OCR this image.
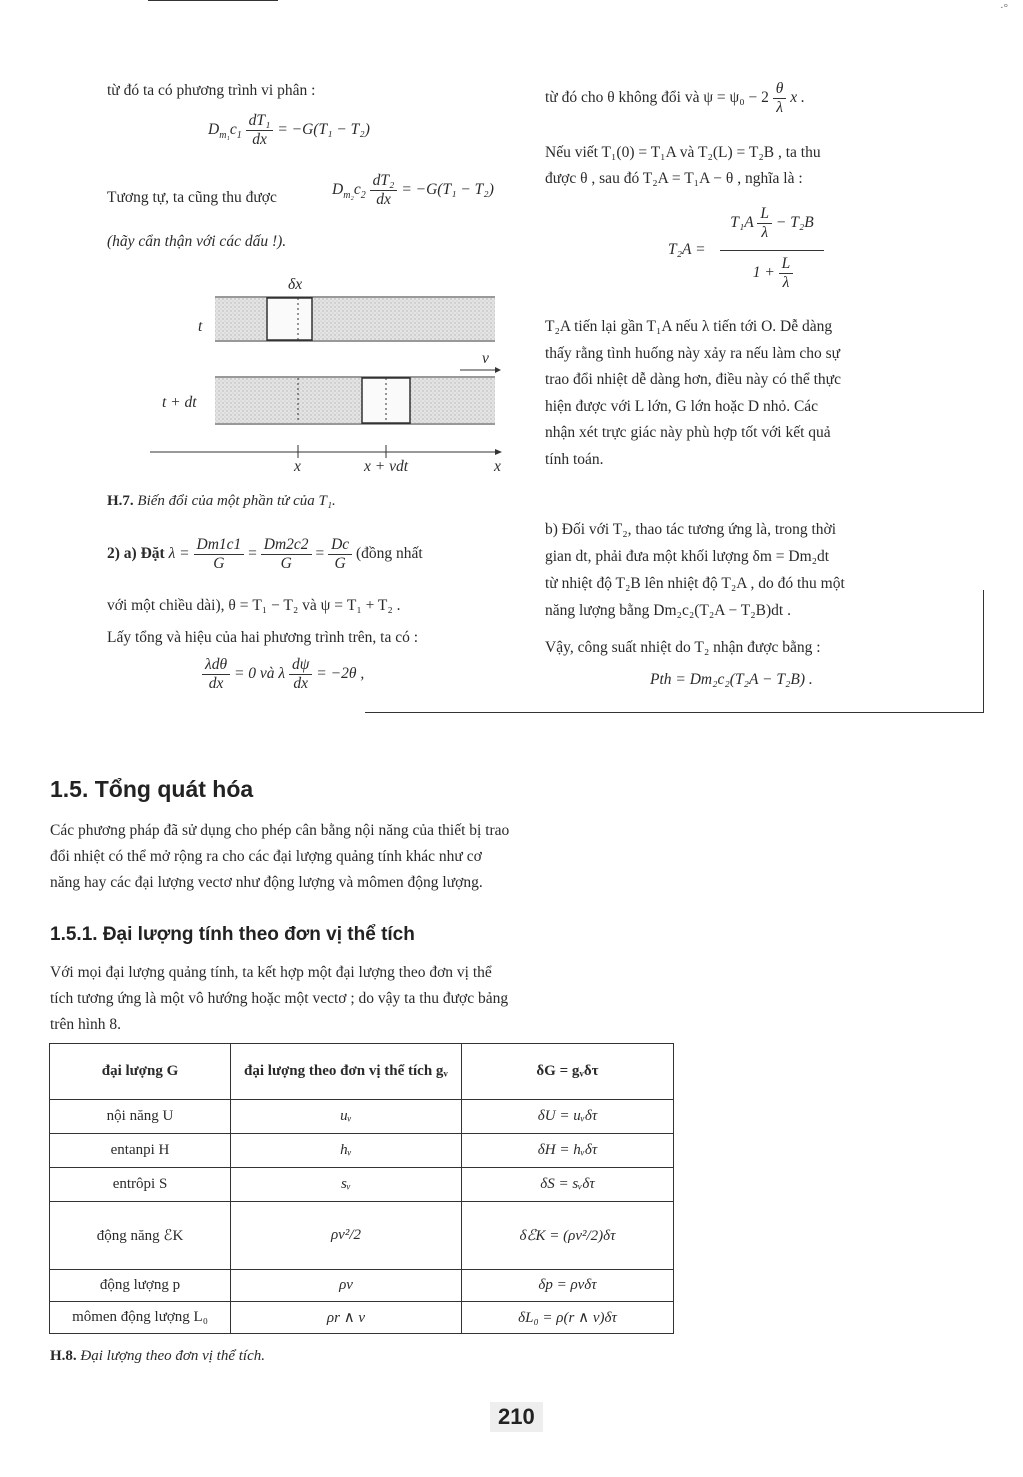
·°
từ đó ta có phương trình vi phân :
$D_{m_1}c_1 \frac{\text{dT₁}}{dx} = -G(T_1 - T_2)$
Tương tự, ta cũng thu được	$D_{m_2}c_2 \frac{\text{dT₂}}{dx} = -G(T_1 - T_2)$
(hãy cẩn thận với các dấu !).
δx
t
v
t + dt
x	x + vdt	x
H.7. Biến đổi của một phần tử của T₁.
2) a) Đặt $\lambda = \frac{Dm1c1}{G} = \frac{Dm2c2}{G} = \frac{Dc}{G}$ (đồng nhất
với một chiều dài), θ = T₁ − T₂ và ψ = T₁ + T₂ .
Lấy tổng và hiệu của hai phương trình trên, ta có :
$\frac{\text{λdθ}}{dx} = 0$ và λ $\frac{d\psi}{dx} = -2\theta$ ,
từ đó cho θ không đổi và $\psi = \psi_0 - 2 \frac{\theta}{\lambda}$ x .
Nếu viết T₁(0) = T₁A và T₂(L) = T₂B , ta thu
được θ , sau đó T₂A = T₁A − θ , nghĩa là :
T₂A =
$T_1A \frac{L}{\lambda} - T_2B$
$1 + \frac{L}{\lambda}$
T₂A tiến lại gần T₁A nếu λ tiến tới O. Dễ dàng
thấy rằng tình huống này xảy ra nếu làm cho sự
trao đổi nhiệt dễ dàng hơn, điều này có thể thực
hiện được với L lớn, G lớn hoặc D nhỏ. Các
nhận xét trực giác này phù hợp tốt với kết quả
tính toán.
b) Đối với T₂, thao tác tương ứng là, trong thời
gian dt, phải đưa một khối lượng δm = Dm₂dt
từ nhiệt độ T₂B lên nhiệt độ T₂A , do đó thu một
năng lượng bằng Dm₂c₂(T₂A − T₂B)dt .
Vậy, công suất nhiệt do T₂ nhận được bằng :
Pth = Dm₂c₂(T₂A − T₂B) .
1.5. Tổng quát hóa
Các phương pháp đã sử dụng cho phép cân bằng nội năng của thiết bị trao
đổi nhiệt có thể mở rộng ra cho các đại lượng quảng tính khác như cơ
năng hay các đại lượng vectơ như động lượng và mômen động lượng.
1.5.1. Đại lượng tính theo đơn vị thể tích
Với mọi đại lượng quảng tính, ta kết hợp một đại lượng theo đơn vị thể
tích tương ứng là một vô hướng hoặc một vectơ ; do vậy ta thu được bảng
trên hình 8.
đại lượng G	đại lượng theo đơn vị thể tích gᵥ	δG = gᵥδτ
nội năng U	uᵥ	δU = uᵥδτ
entanpi H	hᵥ	δH = hᵥδτ
entrôpi S	sᵥ	δS = sᵥδτ
động năng ℰK	ρv²/2	δℰK = (ρv²/2)δτ
động lượng p	ρv	δp = ρvδτ
mômen động lượng L₀	ρr ∧ v	δL₀ = ρ(r ∧ v)δτ
H.8. Đại lượng theo đơn vị thể tích.
210
